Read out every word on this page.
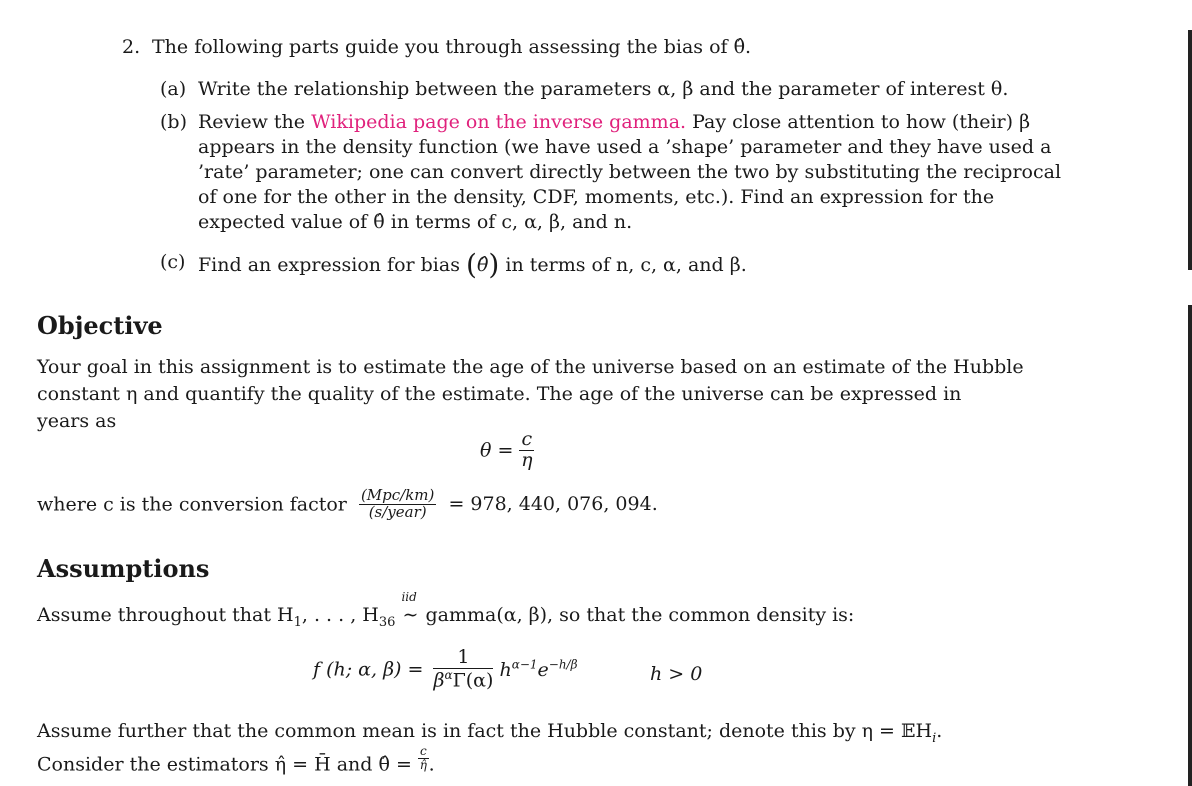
2. The following parts guide you through assessing the bias of θ̂.
(a) Write the relationship between the parameters α, β and the parameter of interest θ.
(b) Review the Wikipedia page on the inverse gamma. Pay close attention to how (their) β
appears in the density function (we have used a ’shape’ parameter and they have used a
’rate’ parameter; one can convert directly between the two by substituting the reciprocal
of one for the other in the density, CDF, moments, etc.). Find an expression for the
expected value of θ̂ in terms of c, α, β, and n.
(c) Find an expression for bias (θ̂) in terms of n, c, α, and β.
Objective
Your goal in this assignment is to estimate the age of the universe based on an estimate of the Hubble
constant η and quantify the quality of the estimate. The age of the universe can be expressed in
years as
$\theta = \frac{c}{\eta}$
where c is the conversion factor $\frac{\text{(Mpc/km)}}{\text{(s/year)}} = 978$, 440, 076, 094.
Assumptions
Assume throughout that $H_1$, . . . , $H_{36}$
iid
∼ gamma(α, β), so that the common density is:
f (h; α, $\beta) = \frac{1}{\beta^\alpha\Gamma(\alpha)} h^{\alpha-1}e^{-h/\beta}$	h > 0
Assume further that the common mean is in fact the Hubble constant; denote this by η = 𝔼H$_i$.
Consider the estimators η̂ = H̄ and θ̂ = $\frac{c}{\etâ}$ .
